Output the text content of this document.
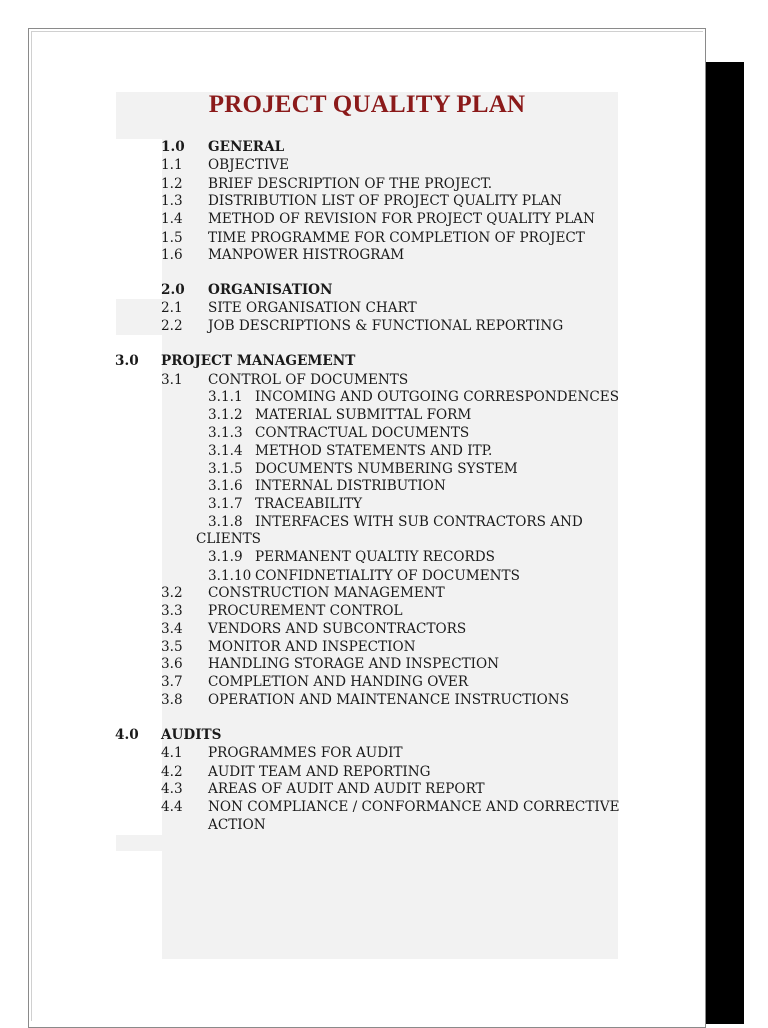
PROJECT QUALITY PLAN
1.0 GENERAL
1.1 OBJECTIVE
1.2 BRIEF DESCRIPTION OF THE PROJECT.
1.3 DISTRIBUTION LIST OF PROJECT QUALITY PLAN
1.4 METHOD OF REVISION FOR PROJECT QUALITY PLAN
1.5 TIME PROGRAMME FOR COMPLETION OF PROJECT
1.6 MANPOWER HISTROGRAM
2.0 ORGANISATION
2.1 SITE ORGANISATION CHART
2.2 JOB DESCRIPTIONS & FUNCTIONAL REPORTING
3.0 PROJECT MANAGEMENT
3.1 CONTROL OF DOCUMENTS
3.1.1 INCOMING AND OUTGOING CORRESPONDENCES
3.1.2 MATERIAL SUBMITTAL FORM
3.1.3 CONTRACTUAL DOCUMENTS
3.1.4 METHOD STATEMENTS AND ITP.
3.1.5 DOCUMENTS NUMBERING SYSTEM
3.1.6 INTERNAL DISTRIBUTION
3.1.7 TRACEABILITY
3.1.8 INTERFACES WITH SUB CONTRACTORS AND
3.1.9 PERMANENT QUALTIY RECORDS
3.1.10 CONFIDNETIALITY OF DOCUMENTS
CLIENTS
3.2 CONSTRUCTION MANAGEMENT
3.3 PROCUREMENT CONTROL
3.4 VENDORS AND SUBCONTRACTORS
3.5 MONITOR AND INSPECTION
3.6 HANDLING STORAGE AND INSPECTION
3.7 COMPLETION AND HANDING OVER
3.8 OPERATION AND MAINTENANCE INSTRUCTIONS
4.0 AUDITS
4.1 PROGRAMMES FOR AUDIT
4.2 AUDIT TEAM AND REPORTING
4.3 AREAS OF AUDIT AND AUDIT REPORT
4.4 NON COMPLIANCE / CONFORMANCE AND CORRECTIVE
ACTION
